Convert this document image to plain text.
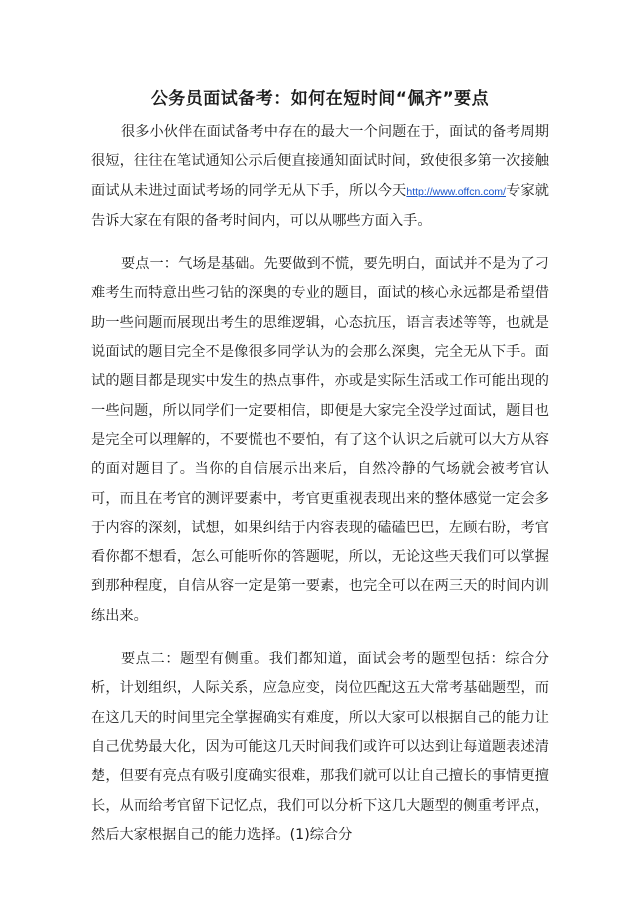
公务员面试备考：如何在短时间“佩齐”要点

很多小伙伴在面试备考中存在的最大一个问题在于，面试的备考周期很短，往往在笔试通知公示后便直接通知面试时间，致使很多第一次接触面试从未进过面试考场的同学无从下手，所以今天http://www.offcn.com/专家就告诉大家在有限的备考时间内，可以从哪些方面入手。

要点一：气场是基础。先要做到不慌，要先明白，面试并不是为了刁难考生而特意出些刁钻的深奥的专业的题目，面试的核心永远都是希望借助一些问题而展现出考生的思维逻辑，心态抗压，语言表述等等，也就是说面试的题目完全不是像很多同学认为的会那么深奥，完全无从下手。面试的题目都是现实中发生的热点事件，亦或是实际生活或工作可能出现的一些问题，所以同学们一定要相信，即便是大家完全没学过面试，题目也是完全可以理解的，不要慌也不要怕，有了这个认识之后就可以大方从容的面对题目了。当你的自信展示出来后，自然冷静的气场就会被考官认可，而且在考官的测评要素中，考官更重视表现出来的整体感觉一定会多于内容的深刻，试想，如果纠结于内容表现的磕磕巴巴，左顾右盼，考官看你都不想看，怎么可能听你的答题呢，所以，无论这些天我们可以掌握到那种程度，自信从容一定是第一要素，也完全可以在两三天的时间内训练出来。

要点二：题型有侧重。我们都知道，面试会考的题型包括：综合分析，计划组织，人际关系，应急应变，岗位匹配这五大常考基础题型，而在这几天的时间里完全掌握确实有难度，所以大家可以根据自己的能力让自己优势最大化，因为可能这几天时间我们或许可以达到让每道题表述清楚，但要有亮点有吸引度确实很难，那我们就可以让自己擅长的事情更擅长，从而给考官留下记忆点，我们可以分析下这几大题型的侧重考评点，然后大家根据自己的能力选择。(1)综合分
